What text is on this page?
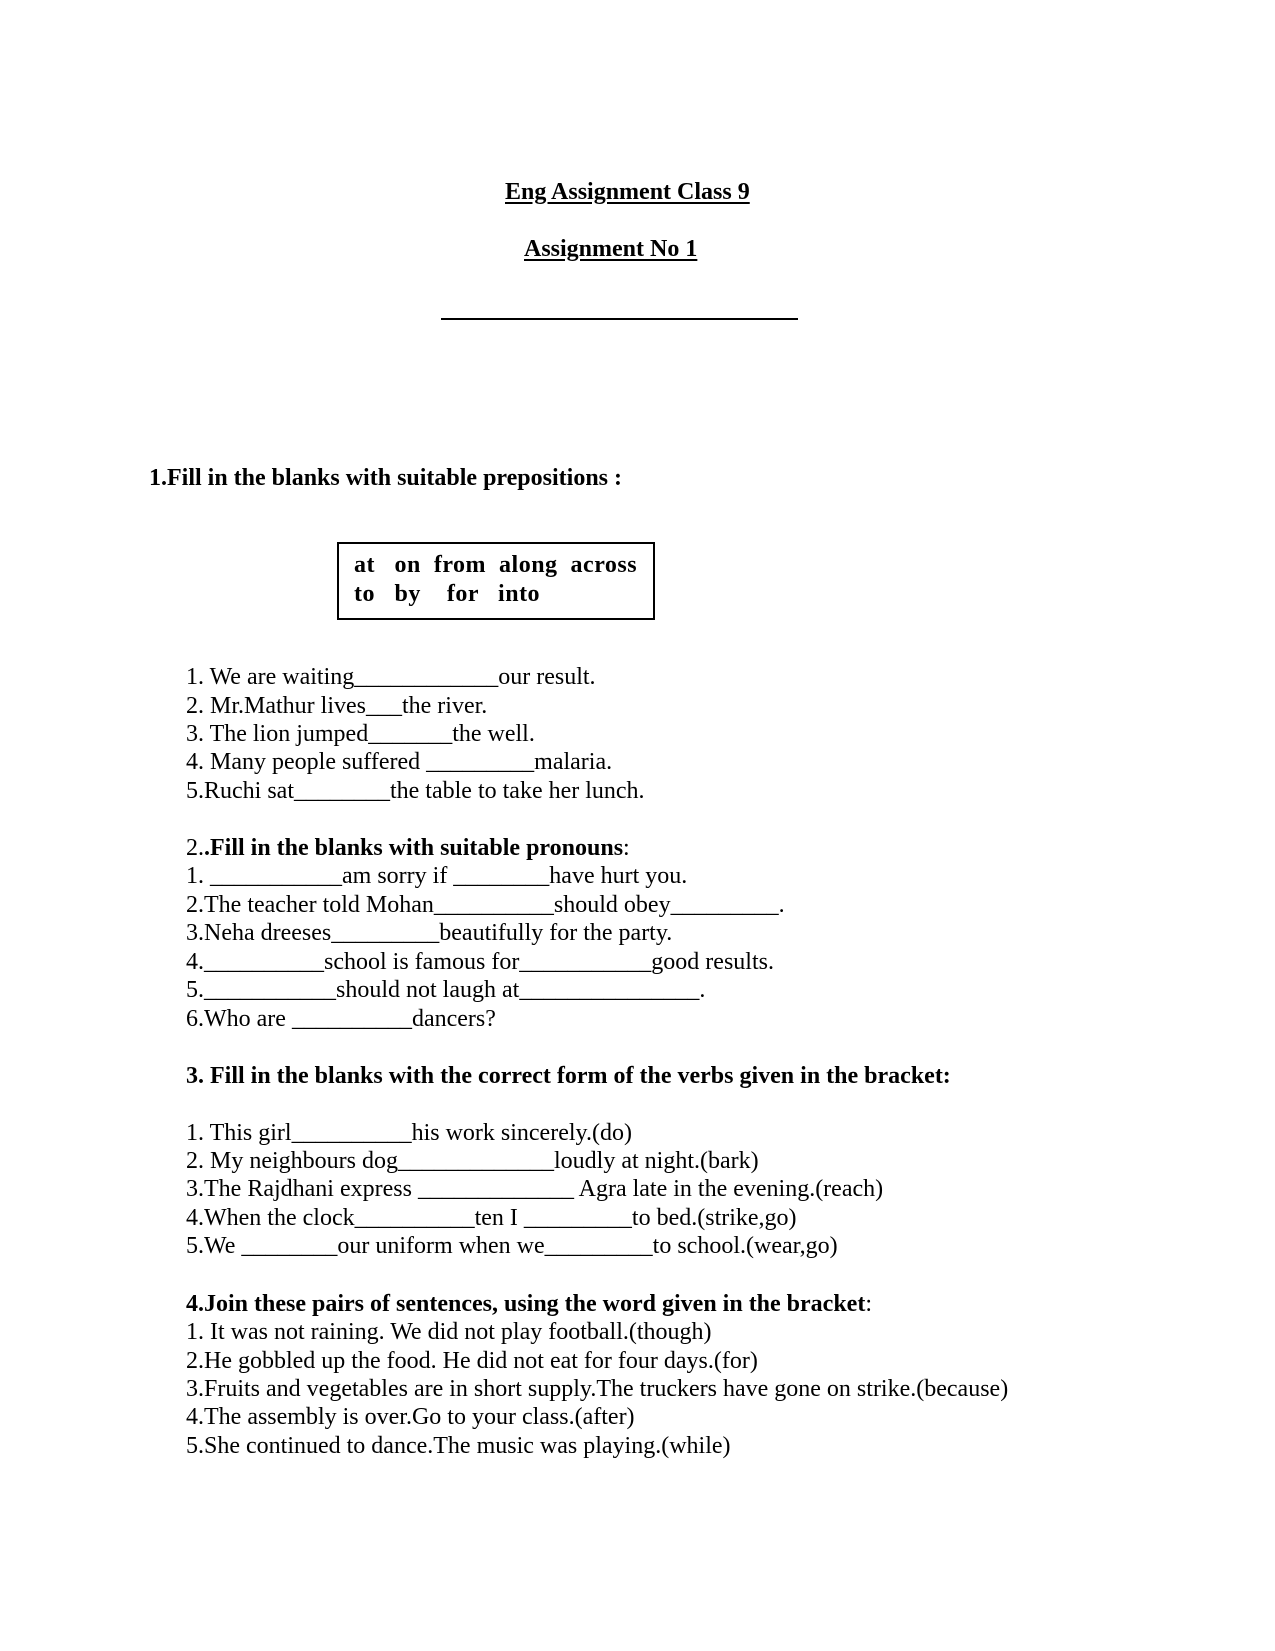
Eng Assignment Class 9
Assignment No 1
1.Fill in the blanks with suitable prepositions :
at   on  from  along  across
to   by    for   into
1. We are waiting____________our result.
2. Mr.Mathur lives___the river.
3. The lion jumped_______the well.
4. Many people suffered _________malaria.
5.Ruchi sat________the table to take her lunch.
2..Fill in the blanks with suitable pronouns:
1. ___________am sorry if ________have hurt you.
2.The teacher told Mohan__________should obey_________.
3.Neha dreeses_________beautifully for the party.
4.__________school is famous for___________good results.
5.___________should not laugh at_______________.
6.Who are __________dancers?
3. Fill in the blanks with the correct form of the verbs given in the bracket:
1. This girl__________his work sincerely.(do)
2. My neighbours dog_____________loudly at night.(bark)
3.The Rajdhani express _____________ Agra late in the evening.(reach)
4.When the clock__________ten I _________to bed.(strike,go)
5.We ________our uniform when we_________to school.(wear,go)
4.Join these pairs of sentences, using the word given in the bracket:
1. It was not raining. We did not play football.(though)
2.He gobbled up the food. He did not eat for four days.(for)
3.Fruits and vegetables are in short supply.The truckers have gone on strike.(because)
4.The assembly is over.Go to your class.(after)
5.She continued to dance.The music was playing.(while)
